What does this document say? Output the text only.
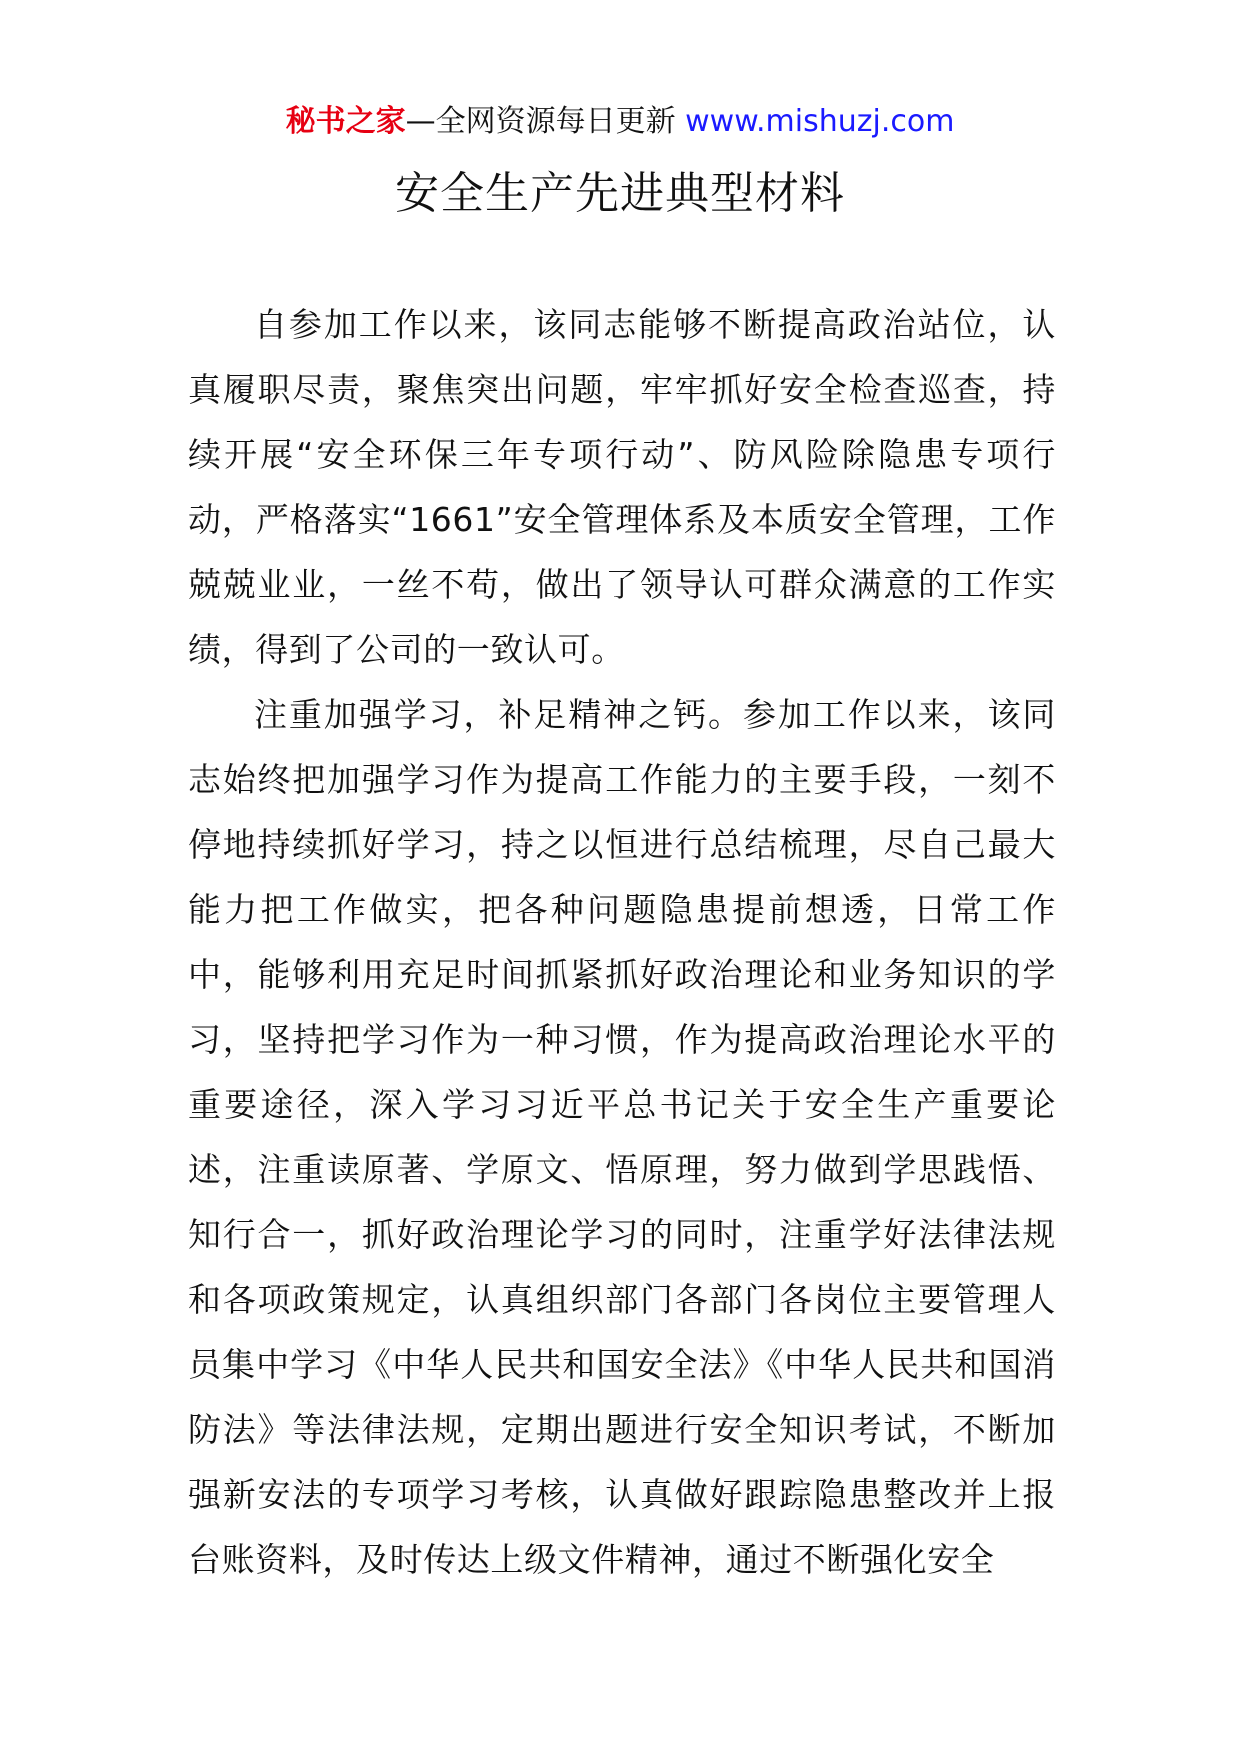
秘书之家—全网资源每日更新 www.mishuzj.com
安全生产先进典型材料

自参加工作以来，该同志能够不断提高政治站位，认真履职尽责，聚焦突出问题，牢牢抓好安全检查巡查，持续开展“安全环保三年专项行动”、防风险除隐患专项行动，严格落实“1661”安全管理体系及本质安全管理，工作兢兢业业，一丝不苟，做出了领导认可群众满意的工作实绩，得到了公司的一致认可。

注重加强学习，补足精神之钙。参加工作以来，该同志始终把加强学习作为提高工作能力的主要手段，一刻不停地持续抓好学习，持之以恒进行总结梳理，尽自己最大能力把工作做实，把各种问题隐患提前想透，日常工作中，能够利用充足时间抓紧抓好政治理论和业务知识的学习，坚持把学习作为一种习惯，作为提高政治理论水平的重要途径，深入学习习近平总书记关于安全生产重要论述，注重读原著、学原文、悟原理，努力做到学思践悟、知行合一，抓好政治理论学习的同时，注重学好法律法规和各项政策规定，认真组织部门各部门各岗位主要管理人员集中学习《中华人民共和国安全法》《中华人民共和国消防法》等法律法规，定期出题进行安全知识考试，不断加强新安法的专项学习考核，认真做好跟踪隐患整改并上报台账资料，及时传达上级文件精神，通过不断强化安全
